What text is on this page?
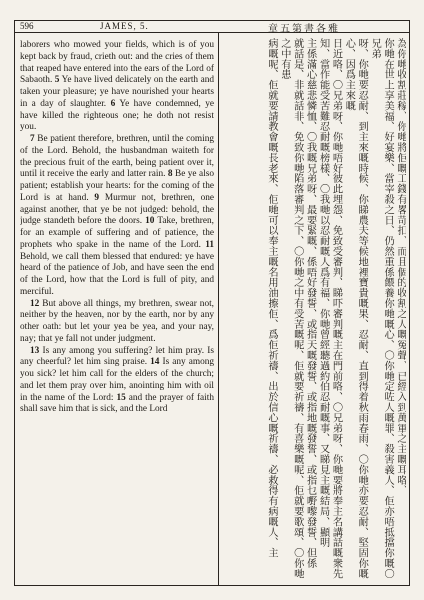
596	JAMES, 5.	章五第書各雅

laborers who mowed your fields, which is of you kept back by fraud, crieth out: and the cries of them that reaped have entered into the ears of the Lord of Sabaoth. 5 Ye have lived delicately on the earth and taken your pleasure; ye have nourished your hearts in a day of slaughter. 6 Ye have condemned, ye have killed the righteous one; he doth not resist you.

7 Be patient therefore, brethren, until the coming of the Lord. Behold, the husbandman waiteth for the precious fruit of the earth, being patient over it, until it receive the early and latter rain. 8 Be ye also patient; establish your hearts: for the coming of the Lord is at hand. 9 Murmur not, brethren, one against another, that ye be not judged: behold, the judge standeth before the doors. 10 Take, brethren, for an example of suffering and of patience, the prophets who spake in the name of the Lord. 11 Behold, we call them blessed that endured: ye have heard of the patience of Job, and have seen the end of the Lord, how that the Lord is full of pity, and merciful.

12 But above all things, my brethren, swear not, neither by the heaven, nor by the earth, nor by any other oath: but let your yea be yea, and your nay, nay; that ye fall not under judgment.

13 Is any among you suffering? let him pray. Is any cheerful? let him sing praise. 14 Is any among you sick? let him call for the elders of the church; and let them pray over him, anointing him with oil in the name of the Lord: 15 and the prayer of faith shall save him that is sick, and the Lord	為你哋收割莊稼、你哋將佢嘅工錢有畧苛扣、而且個的收割之人嘅冤聲、已經入到萬軍之主嘅耳咯、

你哋在世上享美福、好宴樂、當宰殺之日、仍然重係餵養你哋嘅心、〇你哋定咗人嘅罪、殺害義人、佢亦唔抵擋你嘅〇兄弟

呀、你哋要忍耐、到主來嘅時候、你睇農夫等候地裡寶貴嘅果、忍耐、直到得着秋雨春雨、〇你哋亦要忍耐、堅固你嘅心、因爲主來嘅

日近咯、〇兄弟呀、你哋唔好彼此埋怨、免致受審判、睇吓審判嘅主在門前咯、〇兄弟呀、你哋要將奉主名講話嘅衆先

知、當作能受苦難忍耐嘅榜樣、〇我哋以忍耐嘅人爲有福、你哋曾經聽過約伯忍耐嘅事、又睇見主嘅結局、顯明

主係滿心慈悲憐恤、〇我嘅兄弟呀、最要緊嘅、係唔好發誓、或指天嘅發誓、或指地嘅發誓、或指乜嘢嚟發誓、但係

就話是、非就話非、免致你哋陷落審判之下、〇你哋之中有受苦嘅呢、佢就要祈禱、有喜樂嘅呢、佢就要歌頌、〇你哋之中有患

病嘅呢、佢就要請教會嘅長老來、佢哋可以奉主嘅名用油擦佢、爲佢祈禱、出於信心嘅祈禱、必救得有病嘅人、主
